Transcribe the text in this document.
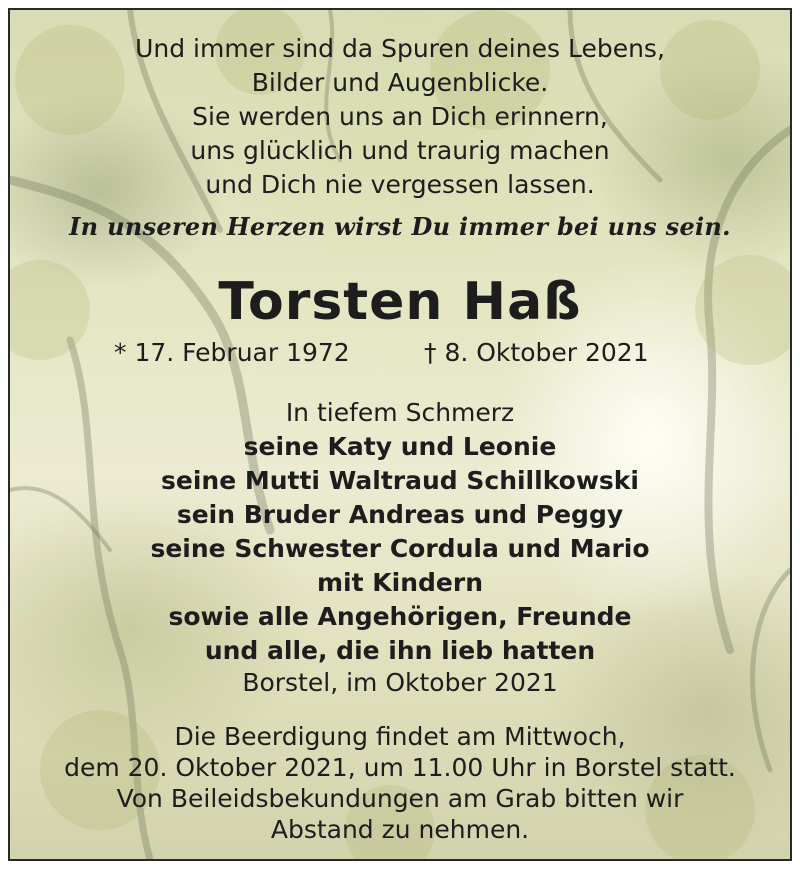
Und immer sind da Spuren deines Lebens,
Bilder und Augenblicke.
Sie werden uns an Dich erinnern,
uns glücklich und traurig machen
und Dich nie vergessen lassen.
In unseren Herzen wirst Du immer bei uns sein.
Torsten Haß
* 17. Februar 1972	† 8. Oktober 2021
In tiefem Schmerz
seine Katy und Leonie
seine Mutti Waltraud Schillkowski
sein Bruder Andreas und Peggy
seine Schwester Cordula und Mario
mit Kindern
sowie alle Angehörigen, Freunde
und alle, die ihn lieb hatten
Borstel, im Oktober 2021
Die Beerdigung findet am Mittwoch,
dem 20. Oktober 2021, um 11.00 Uhr in Borstel statt.
Von Beileidsbekundungen am Grab bitten wir
Abstand zu nehmen.
